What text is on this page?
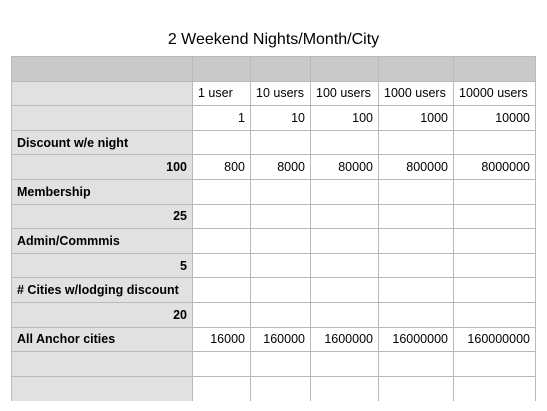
2 Weekend Nights/Month/City

	1 user	10 users	100 users	1000 users	10000 users
	1	10	100	1000	10000
Discount w/e night					
100	800	8000	80000	800000	8000000
Membership					
25					
Admin/Commmis					
5					
# Cities w/lodging discount					
20					
All Anchor cities	16000	160000	1600000	16000000	160000000
